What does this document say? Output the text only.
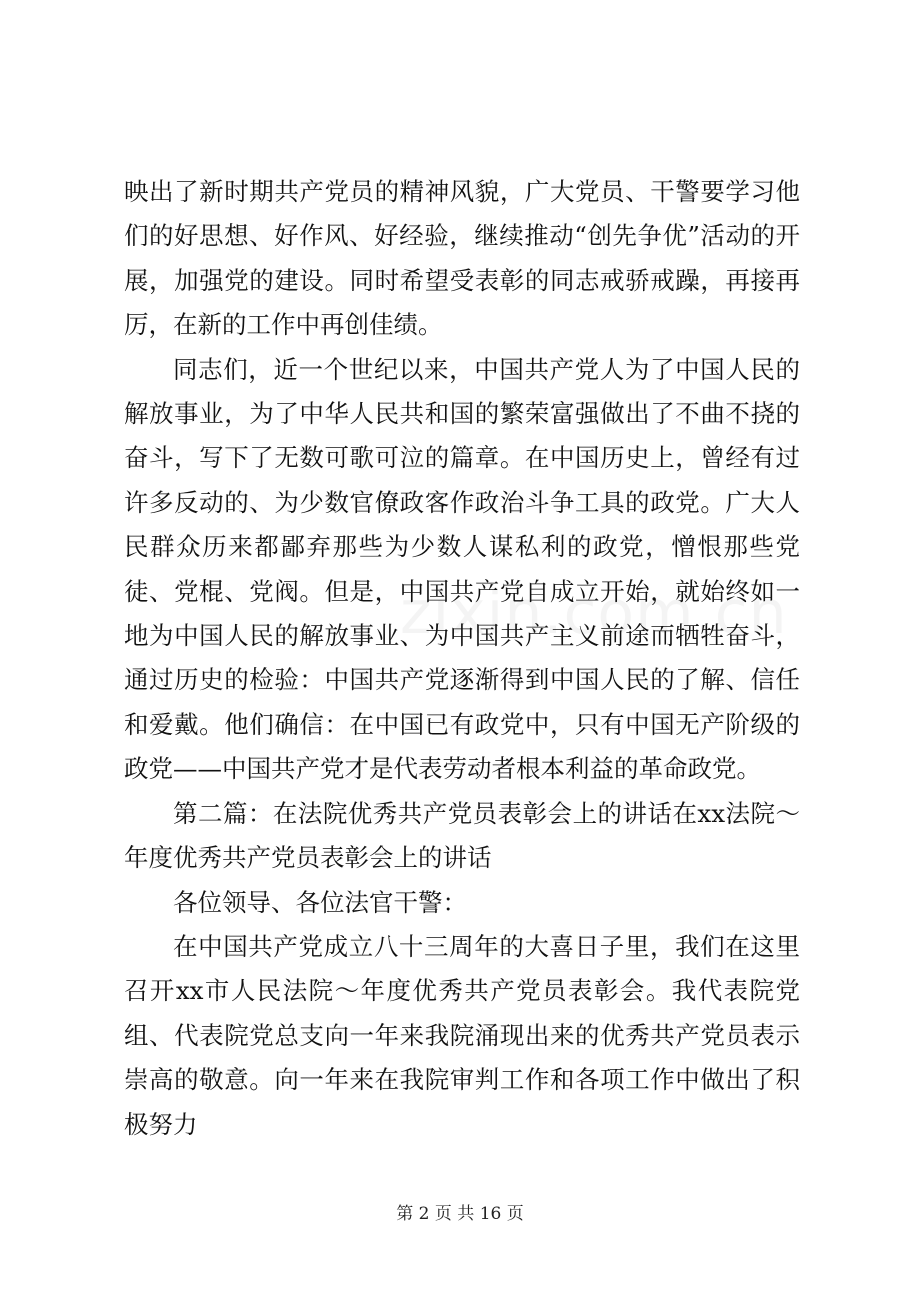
映出了新时期共产党员的精神风貌，广大党员、干警要学习他们的好思想、好作风、好经验，继续推动“创先争优”活动的开展，加强党的建设。同时希望受表彰的同志戒骄戒躁，再接再厉，在新的工作中再创佳绩。

同志们，近一个世纪以来，中国共产党人为了中国人民的解放事业，为了中华人民共和国的繁荣富强做出了不曲不挠的奋斗，写下了无数可歌可泣的篇章。在中国历史上，曾经有过许多反动的、为少数官僚政客作政治斗争工具的政党。广大人民群众历来都鄙弃那些为少数人谋私利的政党，憎恨那些党徒、党棍、党阀。但是，中国共产党自成立开始，就始终如一地为中国人民的解放事业、为中国共产主义前途而牺牲奋斗，通过历史的检验：中国共产党逐渐得到中国人民的了解、信任和爱戴。他们确信：在中国已有政党中，只有中国无产阶级的政党——中国共产党才是代表劳动者根本利益的革命政党。

第二篇：在法院优秀共产党员表彰会上的讲话在xx法院～年度优秀共产党员表彰会上的讲话

各位领导、各位法官干警：

在中国共产党成立八十三周年的大喜日子里，我们在这里召开xx市人民法院～年度优秀共产党员表彰会。我代表院党组、代表院党总支向一年来我院涌现出来的优秀共产党员表示崇高的敬意。向一年来在我院审判工作和各项工作中做出了积极努力

第 2 页 共 16 页
